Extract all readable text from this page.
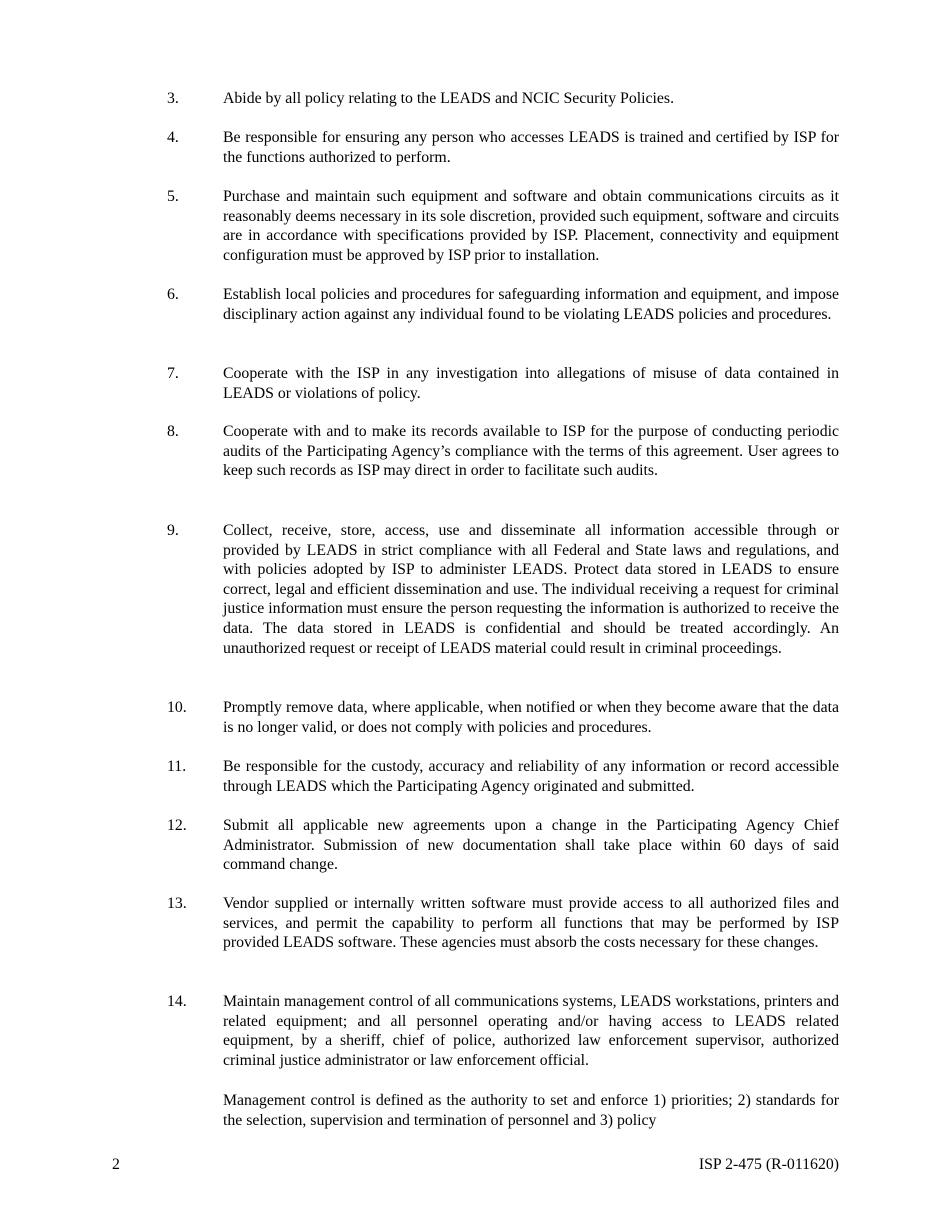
3.	Abide by all policy relating to the LEADS and NCIC Security Policies.
4.	Be responsible for ensuring any person who accesses LEADS is trained and certified by ISP for the functions authorized to perform.
5.	Purchase and maintain such equipment and software and obtain communications circuits as it reasonably deems necessary in its sole discretion, provided such equipment, software and circuits are in accordance with specifications provided by ISP. Placement, connectivity and equipment configuration must be approved by ISP prior to installation.
6.	Establish local policies and procedures for safeguarding information and equipment, and impose disciplinary action against any individual found to be violating LEADS policies and procedures.
7.	Cooperate with the ISP in any investigation into allegations of misuse of data contained in LEADS or violations of policy.
8.	Cooperate with and to make its records available to ISP for the purpose of conducting periodic audits of the Participating Agency’s compliance with the terms of this agreement. User agrees to keep such records as ISP may direct in order to facilitate such audits.
9.	Collect, receive, store, access, use and disseminate all information accessible through or provided by LEADS in strict compliance with all Federal and State laws and regulations, and with policies adopted by ISP to administer LEADS. Protect data stored in LEADS to ensure correct, legal and efficient dissemination and use. The individual receiving a request for criminal justice information must ensure the person requesting the information is authorized to receive the data. The data stored in LEADS is confidential and should be treated accordingly. An unauthorized request or receipt of LEADS material could result in criminal proceedings.
10.	Promptly remove data, where applicable, when notified or when they become aware that the data is no longer valid, or does not comply with policies and procedures.
11.	Be responsible for the custody, accuracy and reliability of any information or record accessible through LEADS which the Participating Agency originated and submitted.
12.	Submit all applicable new agreements upon a change in the Participating Agency Chief Administrator. Submission of new documentation shall take place within 60 days of said command change.
13.	Vendor supplied or internally written software must provide access to all authorized files and services, and permit the capability to perform all functions that may be performed by ISP provided LEADS software. These agencies must absorb the costs necessary for these changes.
14.	Maintain management control of all communications systems, LEADS workstations, printers and related equipment; and all personnel operating and/or having access to LEADS related equipment, by a sheriff, chief of police, authorized law enforcement supervisor, authorized criminal justice administrator or law enforcement official.
Management control is defined as the authority to set and enforce 1) priorities; 2) standards for the selection, supervision and termination of personnel and 3) policy
2	ISP 2-475 (R-011620)
